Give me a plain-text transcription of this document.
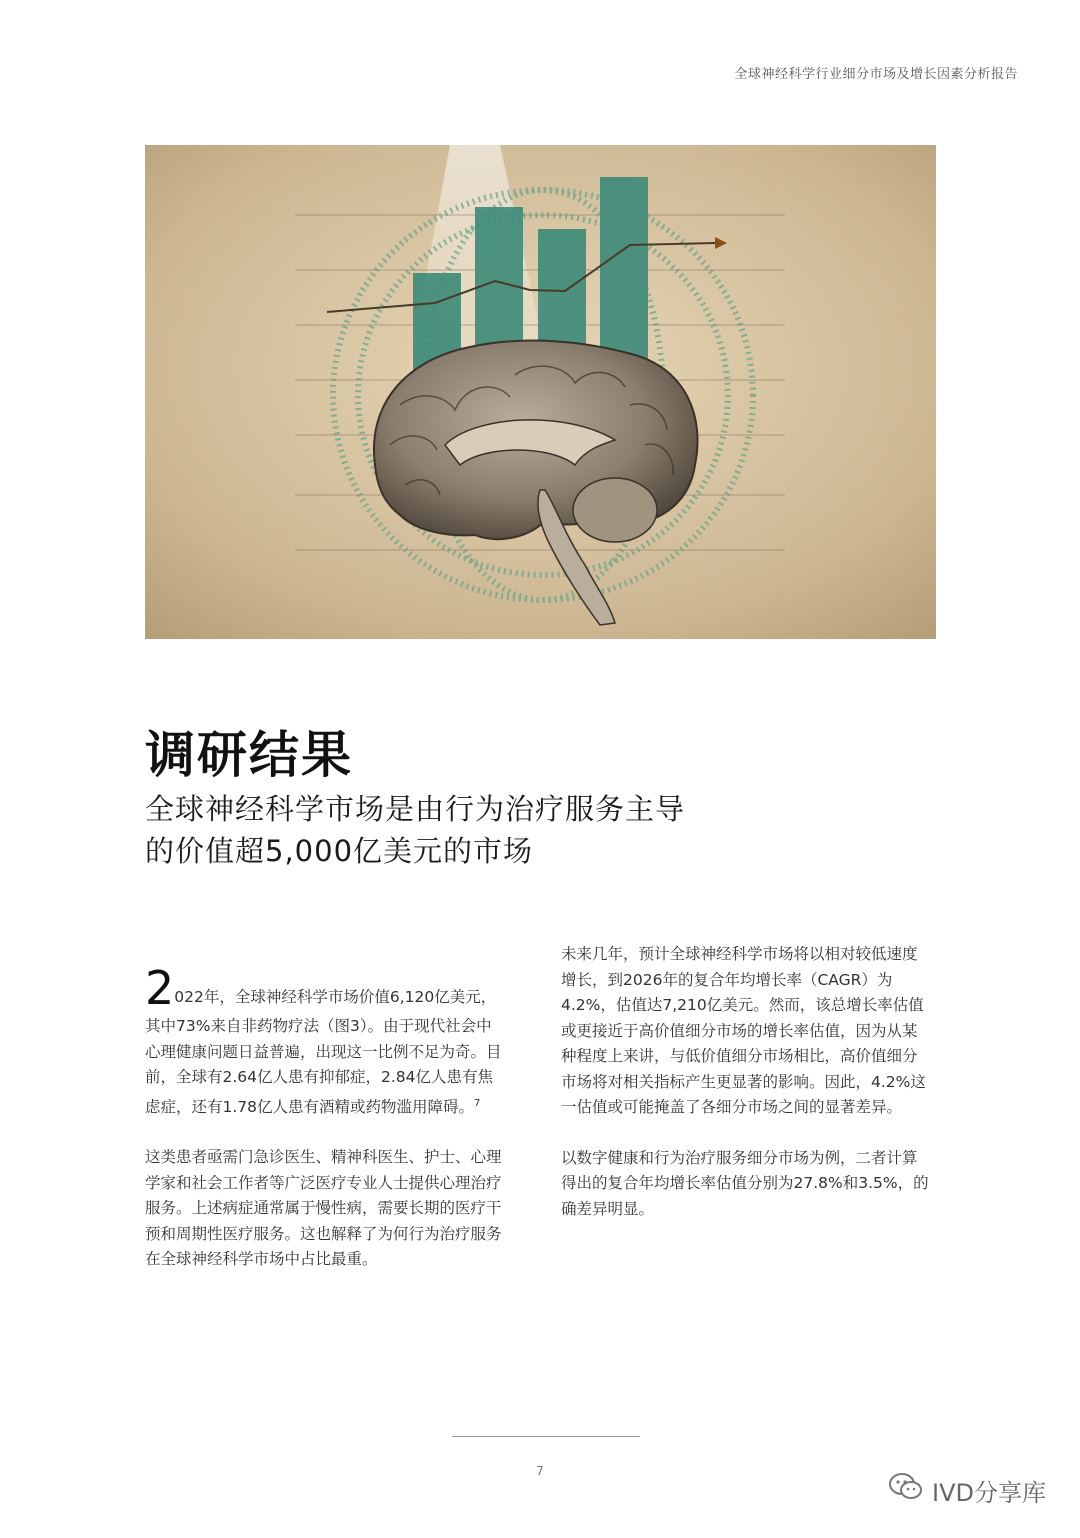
全球神经科学行业细分市场及增长因素分析报告
调研结果
全球神经科学市场是由行为治疗服务主导
的价值超5,000亿美元的市场
2 022年，全球神经科学市场价值6,120亿美元，

其中73%来自非药物疗法（图3）。由于现代社会中心理健康问题日益普遍，出现这一比例不足为奇。目前，全球有2.64亿人患有抑郁症，2.84亿人患有焦虑症，还有1.78亿人患有酒精或药物滥用障碍。$^7$

这类患者亟需门急诊医生、精神科医生、护士、心理学家和社会工作者等广泛医疗专业人士提供心理治疗服务。上述病症通常属于慢性病，需要长期的医疗干预和周期性医疗服务。这也解释了为何行为治疗服务在全球神经科学市场中占比最重。

未来几年，预计全球神经科学市场将以相对较低速度增长，到2026年的复合年均增长率（CAGR）为4.2%，估值达7,210亿美元。然而，该总增长率估值或更接近于高价值细分市场的增长率估值，因为从某种程度上来讲，与低价值细分市场相比，高价值细分市场将对相关指标产生更显著的影响。因此，4.2%这一估值或可能掩盖了各细分市场之间的显著差异。

以数字健康和行为治疗服务细分市场为例，二者计算得出的复合年均增长率估值分别为27.8%和3.5%，的确差异明显。

7
IVD分享库
